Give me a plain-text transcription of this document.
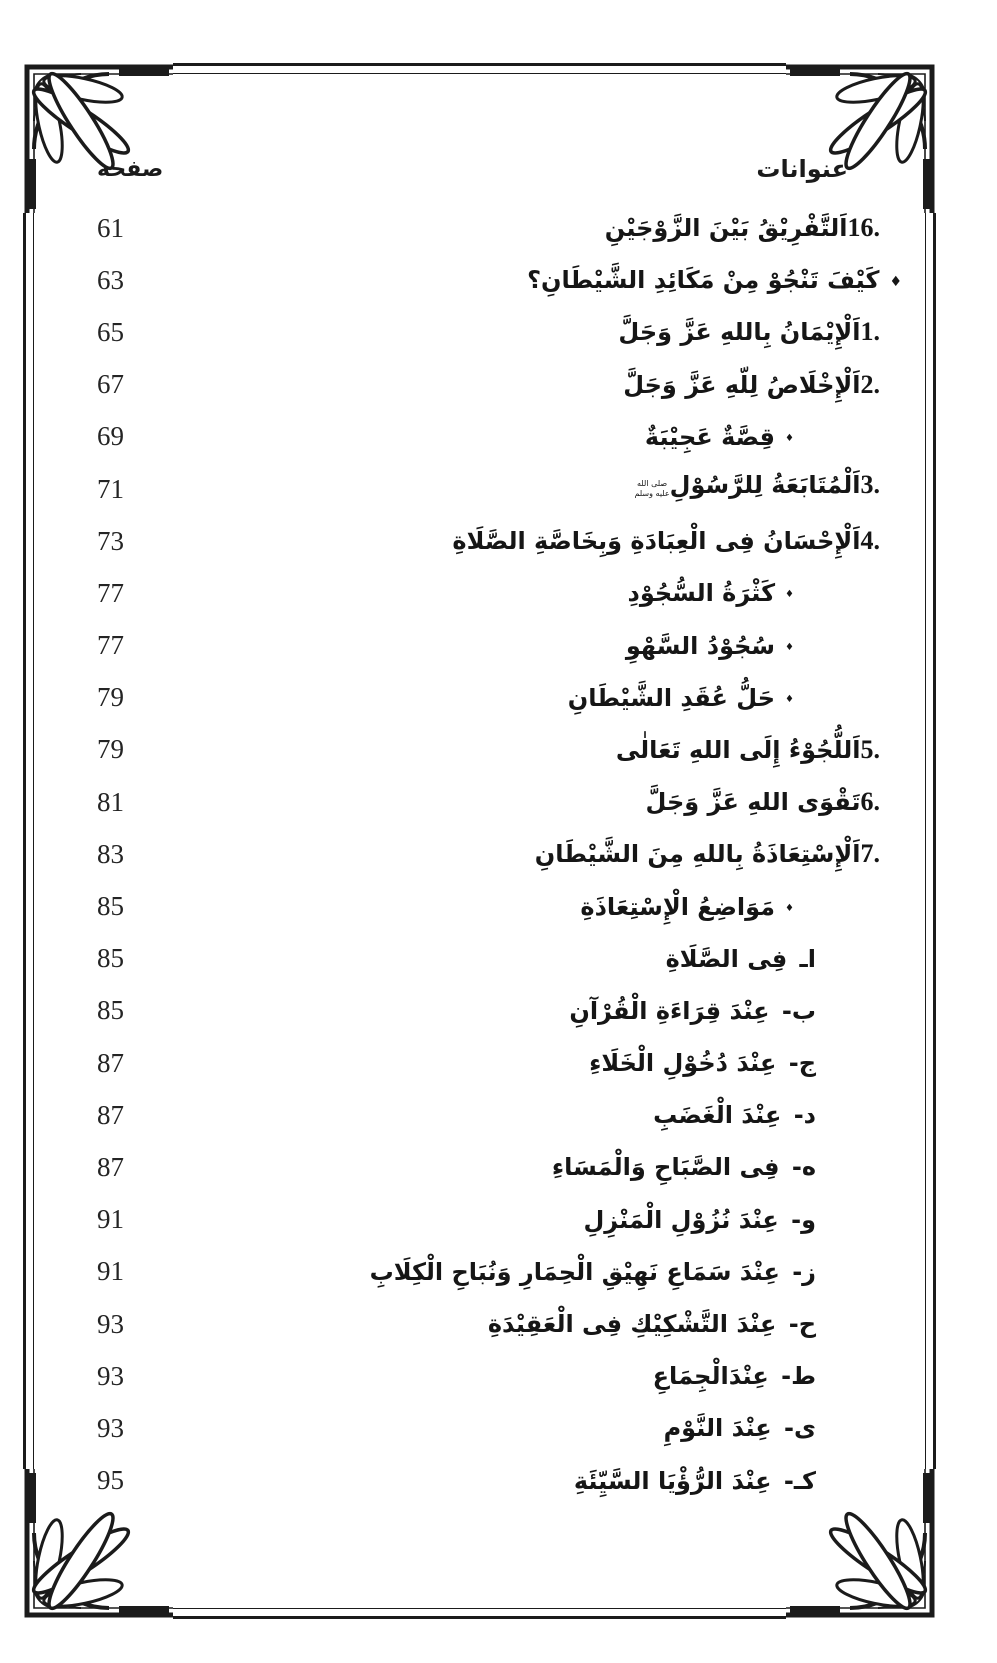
عنوانات
صفحه
16.اَلتَّفْرِيْقُ بَيْنَ الزَّوْجَيْنِ
61
♦كَيْفَ تَنْجُوْ مِنْ مَكَائِدِ الشَّيْطَانِ؟
63
1.اَلْإِيْمَانُ بِاللهِ عَزَّ وَجَلَّ
65
2.اَلْإِخْلَاصُ لِلّهِ عَزَّ وَجَلَّ
67
♦قِصَّةٌ عَجِيْبَةٌ
69
3.اَلْمُتَابَعَةُ لِلرَّسُوْلِ
صلى الله
عليه وسلم
71
4.اَلْإِحْسَانُ فِى الْعِبَادَةِ وَبِخَاصَّةِ الصَّلَاةِ
73
♦كَثْرَةُ السُّجُوْدِ
77
♦سُجُوْدُ السَّهْوِ
77
♦حَلُّ عُقَدِ الشَّيْطَانِ
79
5.اَللُّجُوْءُ إِلَى اللهِ تَعَالٰى
79
6.تَقْوَى اللهِ عَزَّ وَجَلَّ
81
7.اَلْإِسْتِعَاذَةُ بِاللهِ مِنَ الشَّيْطَانِ
83
♦مَوَاضِعُ الْإِسْتِعَاذَةِ
85
اـ فِى الصَّلَاةِ
85
ب- عِنْدَ قِرَاءَةِ الْقُرْآنِ
85
ج- عِنْدَ دُخُوْلِ الْخَلَاءِ
87
د- عِنْدَ الْغَضَبِ
87
ه- فِى الصَّبَاحِ وَالْمَسَاءِ
87
و- عِنْدَ نُزُوْلِ الْمَنْزِلِ
91
ز- عِنْدَ سَمَاعِ نَهِيْقِ الْحِمَارِ وَنُبَاحِ الْكِلَابِ
91
ح- عِنْدَ التَّشْكِيْكِ فِى الْعَقِيْدَةِ
93
ط- عِنْدَالْجِمَاعِ
93
ى- عِنْدَ النَّوْمِ
93
كـ- عِنْدَ الرُّؤْيَا السَّيِّئَةِ
95
